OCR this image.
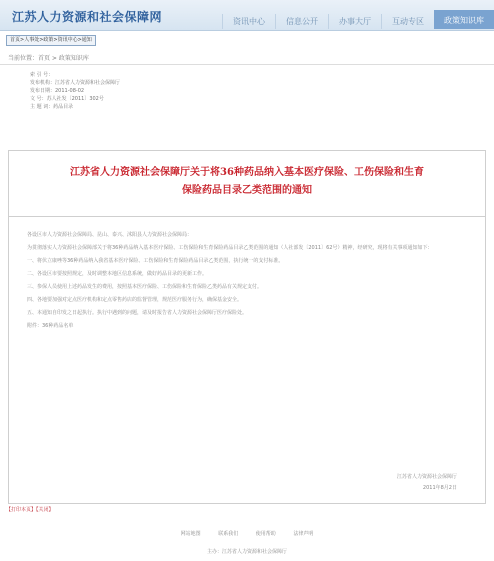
江苏人力资源和社会保障网	资讯中心	信息公开	办事大厅	互动专区	政策知识库
首页>人事处>政策>资讯中心>通知
当前位置：首页 > 政策知识库
索 引 号：
发布机构：江苏省人力资源和社会保障厅
发布日期：2011-08-02
文 号：苏人社发〔2011〕302号
主 题 词：药品目录
江苏省人力资源社会保障厅关于将36种药品纳入基本医疗保险、工伤保险和生育
保险药品目录乙类范围的通知

各设区市人力资源社会保障局、昆山、泰兴、沭阳县人力资源社会保障局：

为贯彻落实人力资源社会保障部关于将36种药品纳入基本医疗保险、工伤保险和生育保险药品目录乙类范围的通知（人社部发〔2011〕62号）精神，经研究，现将有关事项通知如下：

一、将伏立康唑等36种药品纳入我省基本医疗保险、工伤保险和生育保险药品目录乙类范围，执行统一的支付标准。

二、各设区市要按照规定，及时调整本地区信息系统，做好药品目录的更新工作。

三、参保人员使用上述药品发生的费用，按照基本医疗保险、工伤保险和生育保险乙类药品有关规定支付。

四、各地要加强对定点医疗机构和定点零售药店的监督管理，规范医疗服务行为，确保基金安全。

五、本通知自印发之日起执行。执行中遇到的问题，请及时报告省人力资源社会保障厅医疗保险处。

附件：36种药品名单

江苏省人力资源社会保障厅
2011年8月2日
【打印本页】【关闭】
网站地图	联系我们	使用帮助	法律声明
主办：江苏省人力资源和社会保障厅
